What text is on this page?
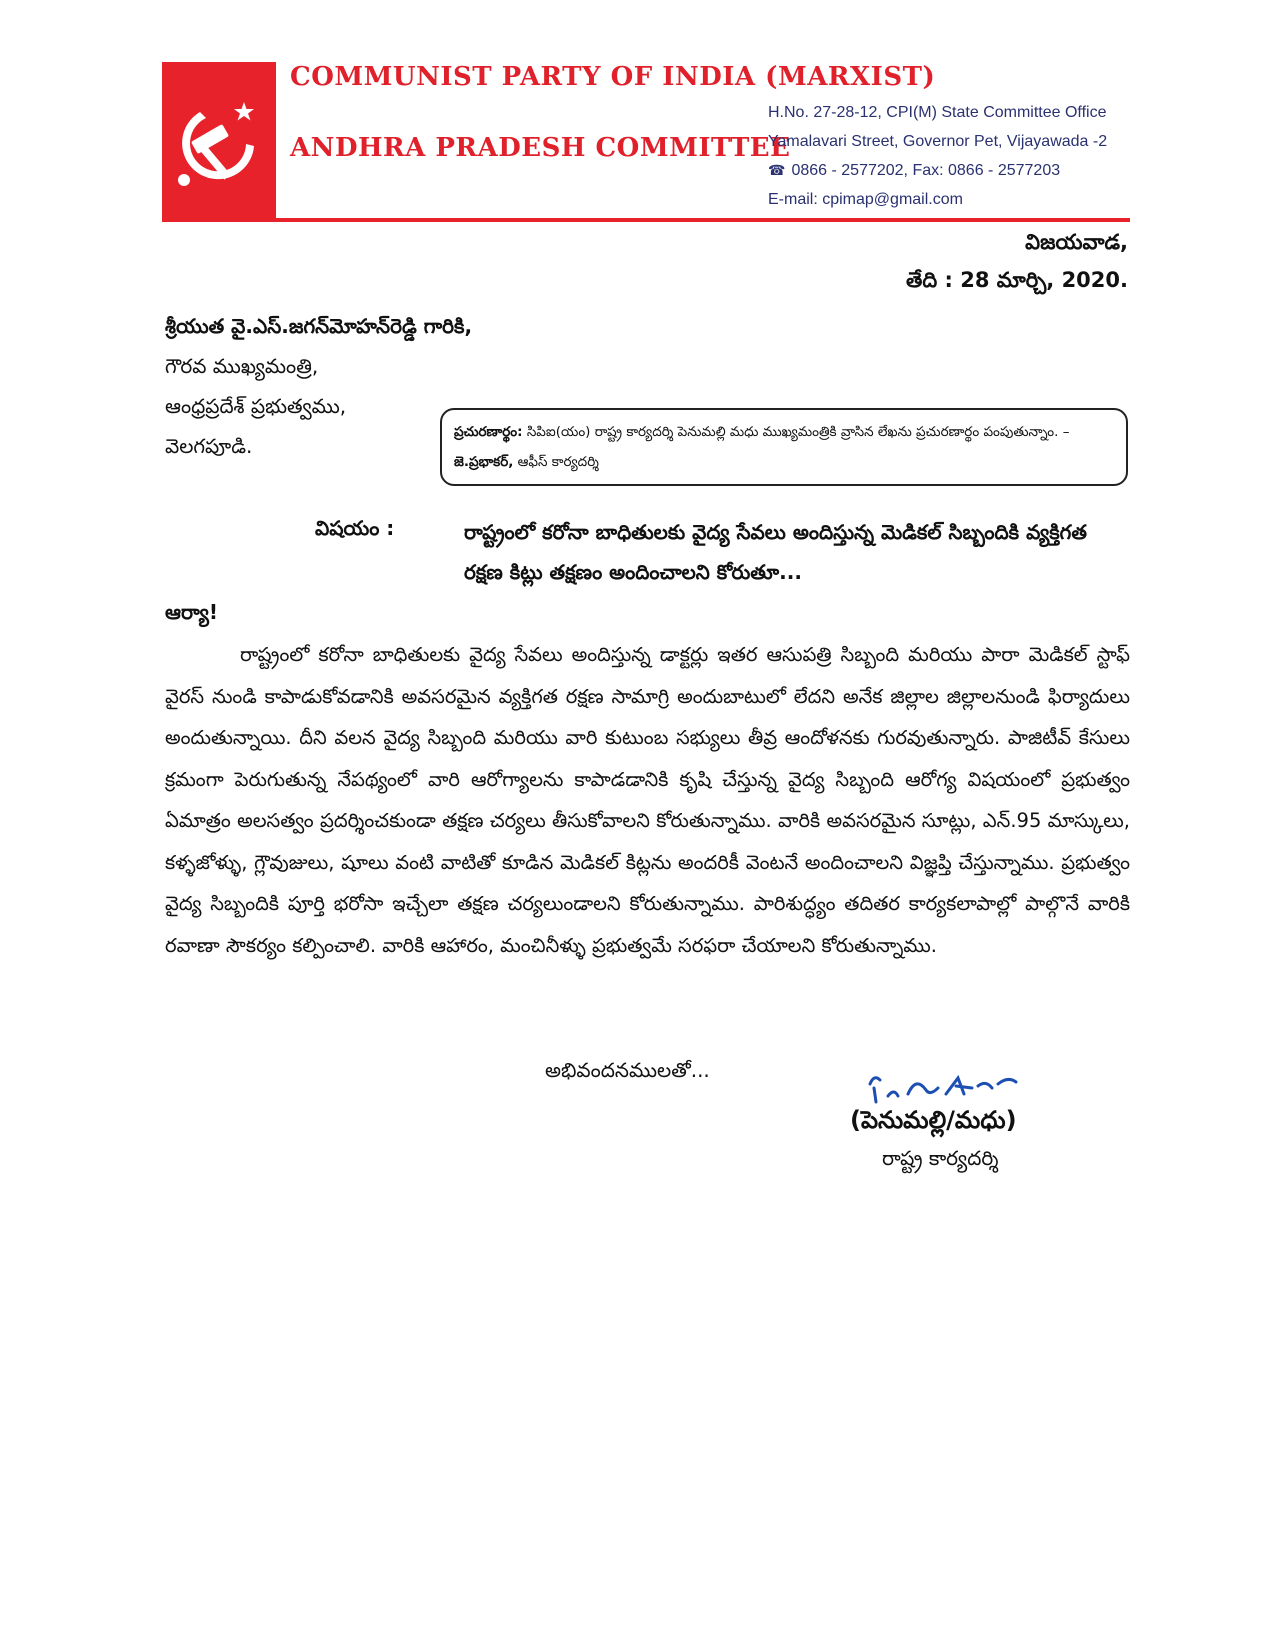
COMMUNIST PARTY OF INDIA (MARXIST)
ANDHRA PRADESH COMMITTEE
H.No. 27-28-12, CPI(M) State Committee Office
Yamalavari Street, Governor Pet, Vijayawada -2
☎ 0866 - 2577202, Fax: 0866 - 2577203
E-mail: cpimap@gmail.com
విజయవాడ,
తేది : 28 మార్చి, 2020.
శ్రీయుత వై.ఎస్.జగన్‌మోహన్‌రెడ్డి గారికి,
గౌరవ ముఖ్యమంత్రి,
ఆంధ్రప్రదేశ్‌ ప్రభుత్వము,
వెలగపూడి.
ప్రచురణార్థం: సిపిఐ(యం) రాష్ట్ర కార్యదర్శి పెనుమల్లి మధు ముఖ్యమంత్రికి వ్రాసిన లేఖను ప్రచురణార్థం పంపుతున్నాం. – జె.ప్రభాకర్, ఆఫీస్‌ కార్యదర్శి
విషయం :	రాష్ట్రంలో కరోనా బాధితులకు వైద్య సేవలు అందిస్తున్న మెడికల్‌ సిబ్బందికి వ్యక్తిగత రక్షణ కిట్లు తక్షణం అందించాలని కోరుతూ...
ఆర్యా!
రాష్ట్రంలో కరోనా బాధితులకు వైద్య సేవలు అందిస్తున్న డాక్టర్లు ఇతర ఆసుపత్రి సిబ్బంది మరియు పారా మెడికల్‌ స్టాఫ్‌ వైరస్‌ నుండి కాపాడుకోవడానికి అవసరమైన వ్యక్తిగత రక్షణ సామాగ్రి అందుబాటులో లేదని అనేక జిల్లాల జిల్లాలనుండి ఫిర్యాదులు అందుతున్నాయి. దీని వలన వైద్య సిబ్బంది మరియు వారి కుటుంబ సభ్యులు తీవ్ర ఆందోళనకు గురవుతున్నారు. పాజిటీవ్‌ కేసులు క్రమంగా పెరుగుతున్న నేపథ్యంలో వారి ఆరోగ్యాలను కాపాడడానికి కృషి చేస్తున్న వైద్య సిబ్బంది ఆరోగ్య విషయంలో ప్రభుత్వం ఏమాత్రం అలసత్వం ప్రదర్శించకుండా తక్షణ చర్యలు తీసుకోవాలని కోరుతున్నాము. వారికి అవసరమైన సూట్లు, ఎన్‌.95 మాస్కులు, కళ్ళజోళ్ళు, గ్లౌవుజులు, షూలు వంటి వాటితో కూడిన మెడికల్‌ కిట్లను అందరికీ వెంటనే అందించాలని విజ్ఞప్తి చేస్తున్నాము. ప్రభుత్వం వైద్య సిబ్బందికి పూర్తి భరోసా ఇచ్చేలా తక్షణ చర్యలుండాలని కోరుతున్నాము. పారిశుద్ధ్యం తదితర కార్యకలాపాల్లో పాల్గొనే వారికి రవాణా సౌకర్యం కల్పించాలి. వారికి ఆహారం, మంచినీళ్ళు ప్రభుత్వమే సరఫరా చేయాలని కోరుతున్నాము.
అభివందనములతో...
(పెనుమల్లి/మధు)
రాష్ట్ర కార్యదర్శి
